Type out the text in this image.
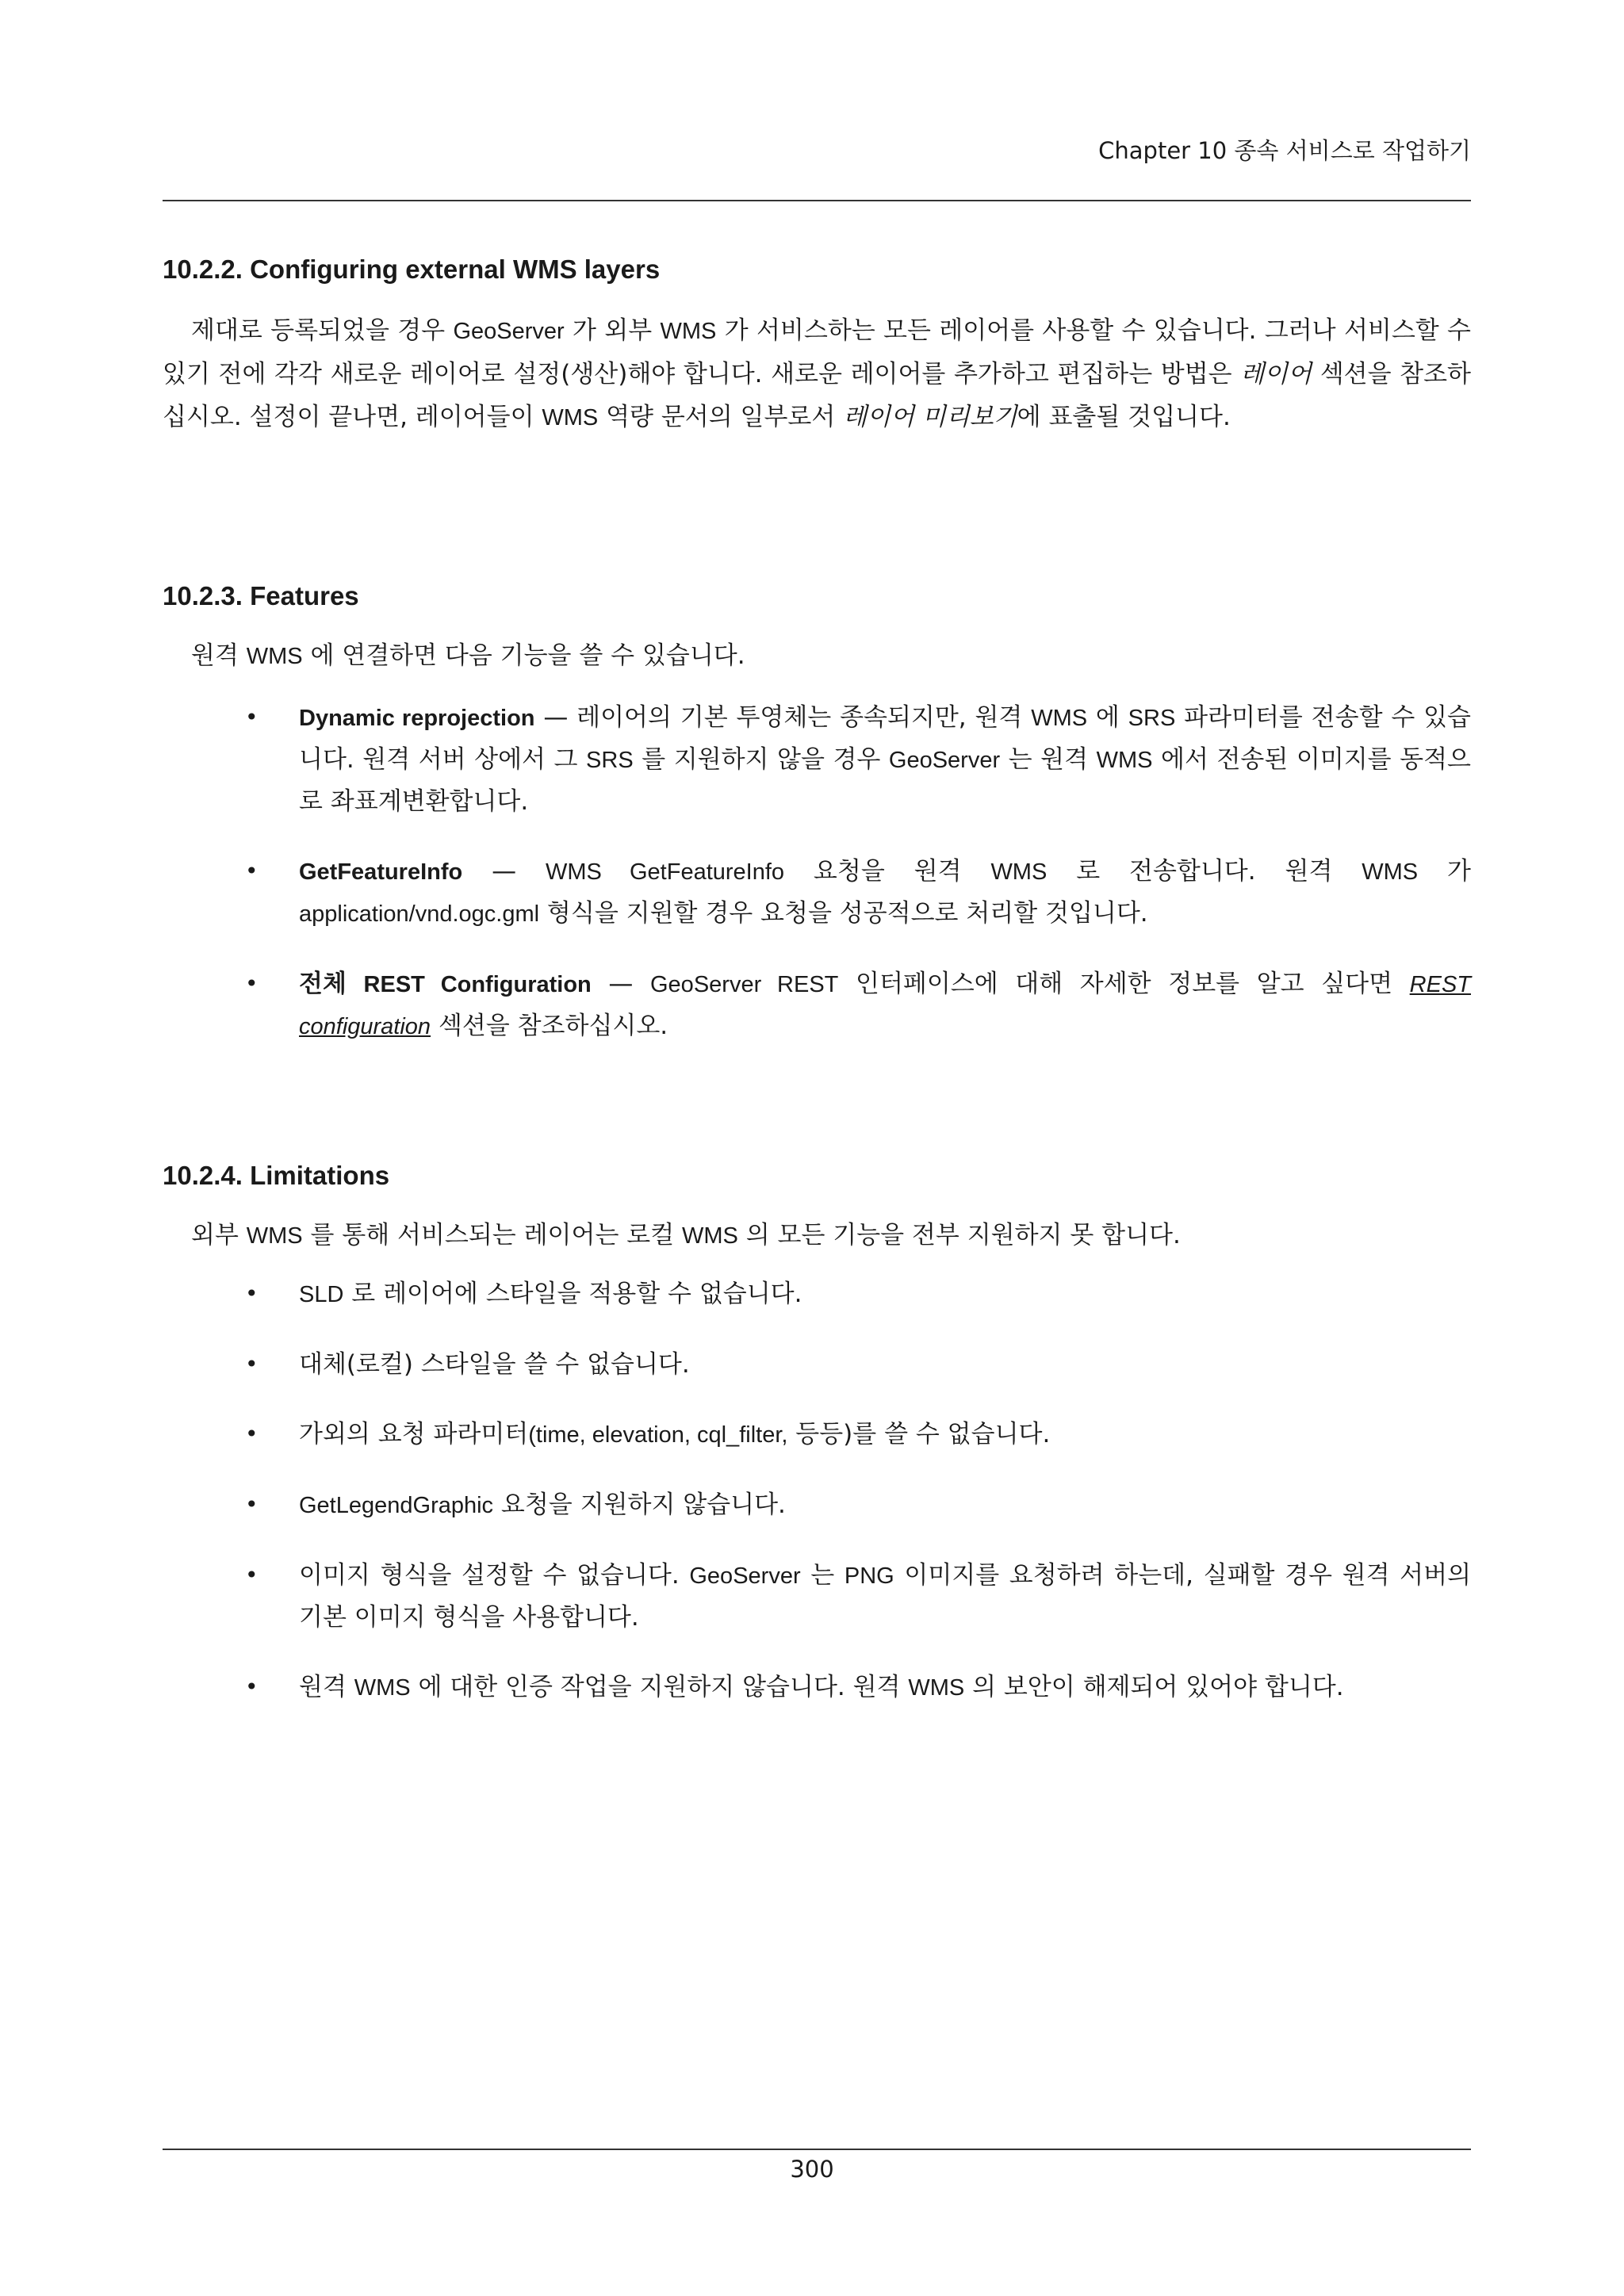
Chapter 10 종속 서비스로 작업하기
10.2.2. Configuring external WMS layers

제대로 등록되었을 경우 GeoServer 가 외부 WMS 가 서비스하는 모든 레이어를 사용할 수 있습니다. 그러나 서비스할 수 있기 전에 각각 새로운 레이어로 설정(생산)해야 합니다. 새로운 레이어를 추가하고 편집하는 방법은 레이어 섹션을 참조하십시오. 설정이 끝나면, 레이어들이 WMS 역량 문서의 일부로서 레이어 미리보기에 표출될 것입니다.

10.2.3. Features
원격 WMS 에 연결하면 다음 기능을 쓸 수 있습니다.
• Dynamic reprojection — 레이어의 기본 투영체는 종속되지만, 원격 WMS 에 SRS 파라미터를 전송할 수 있습니다. 원격 서버 상에서 그 SRS 를 지원하지 않을 경우 GeoServer 는 원격 WMS 에서 전송된 이미지를 동적으로 좌표계변환합니다.
• GetFeatureInfo — WMS GetFeatureInfo 요청을 원격 WMS 로 전송합니다. 원격 WMS 가 application/vnd.ogc.gml 형식을 지원할 경우 요청을 성공적으로 처리할 것입니다.
• 전체 REST Configuration — GeoServer REST 인터페이스에 대해 자세한 정보를 알고 싶다면 REST configuration 섹션을 참조하십시오.
10.2.4. Limitations
외부 WMS 를 통해 서비스되는 레이어는 로컬 WMS 의 모든 기능을 전부 지원하지 못 합니다.
• SLD 로 레이어에 스타일을 적용할 수 없습니다.
• 대체(로컬) 스타일을 쓸 수 없습니다.
• 가외의 요청 파라미터(time, elevation, cql_filter, 등등)를 쓸 수 없습니다.
• GetLegendGraphic 요청을 지원하지 않습니다.
• 이미지 형식을 설정할 수 없습니다. GeoServer 는 PNG 이미지를 요청하려 하는데, 실패할 경우 원격 서버의 기본 이미지 형식을 사용합니다.
• 원격 WMS 에 대한 인증 작업을 지원하지 않습니다. 원격 WMS 의 보안이 해제되어 있어야 합니다.
300
